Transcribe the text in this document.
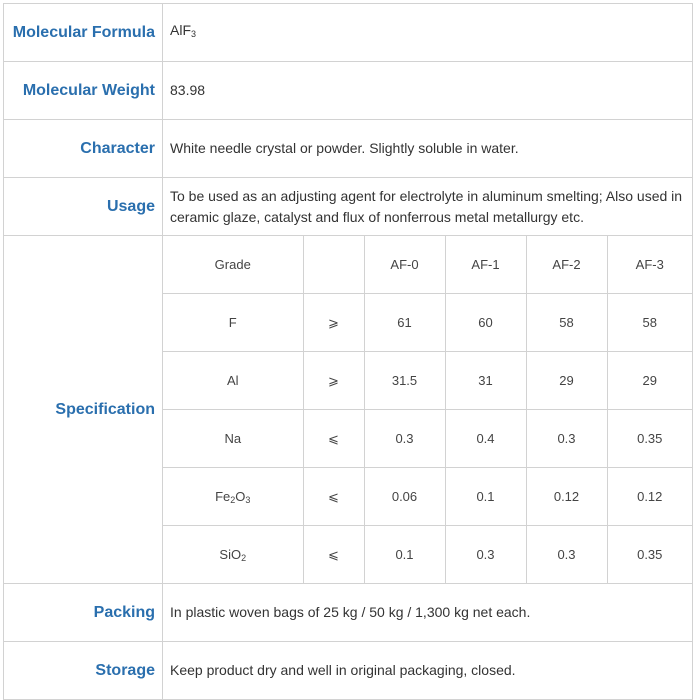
Molecular Formula	AlF$_3$
Molecular Weight	83.98
Character	White needle crystal or powder. Slightly soluble in water.
Usage	To be used as an adjusting agent for electrolyte in aluminum smelting; Also used in ceramic glaze, catalyst and flux of nonferrous metal metallurgy etc.
Specification	
Grade		AF-0	AF-1	AF-2	AF-3
F	⩾	61	60	58	58
Al	⩾	31.5	31	29	29
Na	⩽	0.3	0.4	0.3	0.35
$Fe_2O_3$	⩽	0.06	0.1	0.12	0.12
SiO$_2$	⩽	0.1	0.3	0.3	0.35

Packing	In plastic woven bags of 25 kg / 50 kg / 1,300 kg net each.
Storage	Keep product dry and well in original packaging, closed.
